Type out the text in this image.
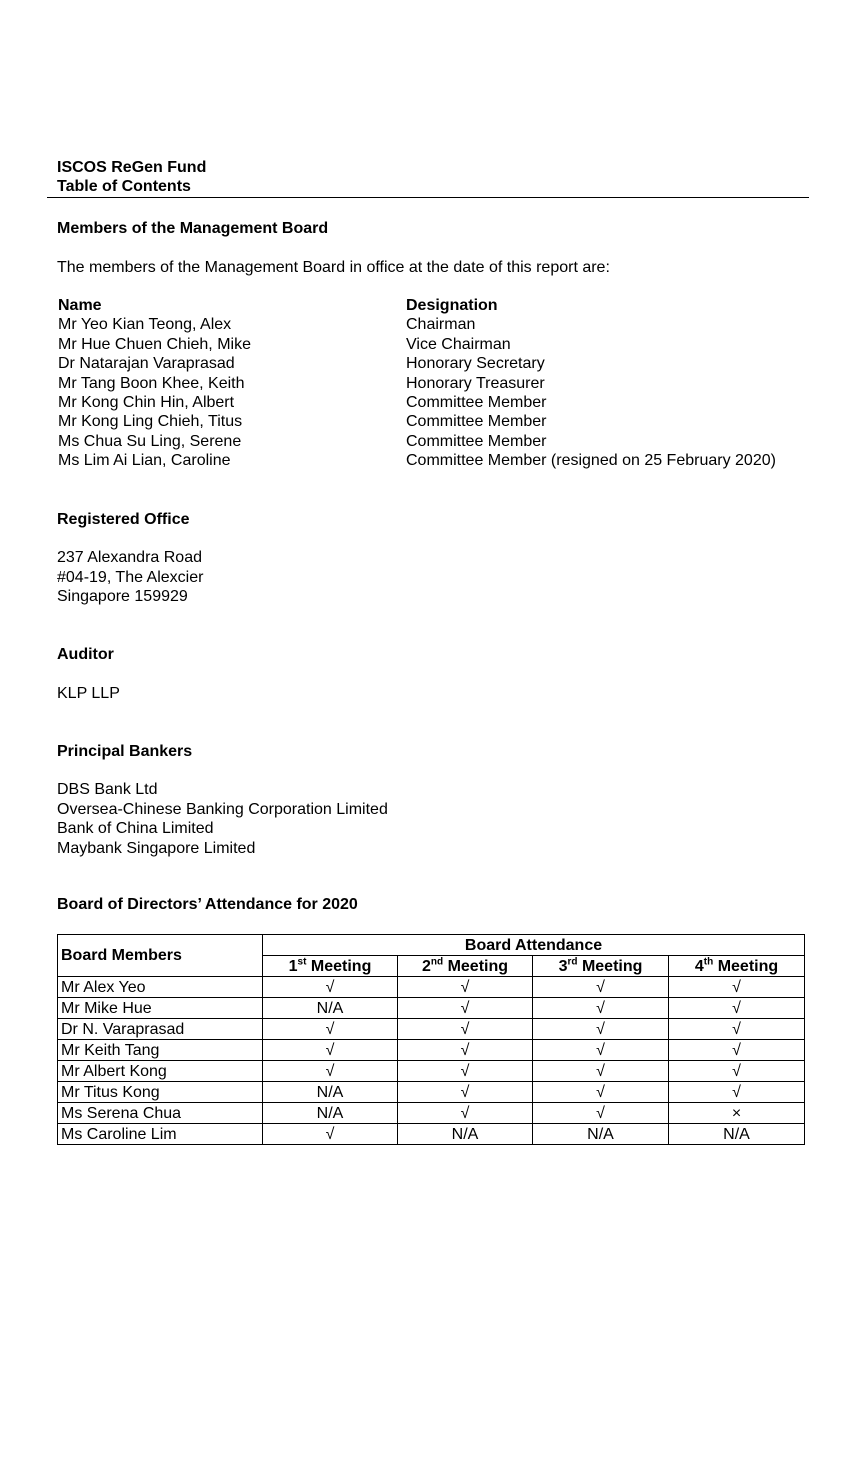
ISCOS ReGen Fund
Table of Contents
Members of the Management Board
The members of the Management Board in office at the date of this report are:
Name	Designation
Mr Yeo Kian Teong, Alex	Chairman
Mr Hue Chuen Chieh, Mike	Vice Chairman
Dr Natarajan Varaprasad	Honorary Secretary
Mr Tang Boon Khee, Keith	Honorary Treasurer
Mr Kong Chin Hin, Albert	Committee Member
Mr Kong Ling Chieh, Titus	Committee Member
Ms Chua Su Ling, Serene	Committee Member
Ms Lim Ai Lian, Caroline	Committee Member (resigned on 25 February 2020)
Registered Office
237 Alexandra Road
#04-19, The Alexcier
Singapore 159929
Auditor
KLP LLP
Principal Bankers
DBS Bank Ltd
Oversea-Chinese Banking Corporation Limited
Bank of China Limited
Maybank Singapore Limited
Board of Directors’ Attendance for 2020
Board Members	Board Attendance			
	1st Meeting	2nd Meeting	3rd Meeting	4th Meeting
Mr Alex Yeo	√	√	√	√
Mr Mike Hue	N/A	√	√	√
Dr N. Varaprasad	√	√	√	√
Mr Keith Tang	√	√	√	√
Mr Albert Kong	√	√	√	√
Mr Titus Kong	N/A	√	√	√
Ms Serena Chua	N/A	√	√	×
Ms Caroline Lim	√	N/A	N/A	N/A
